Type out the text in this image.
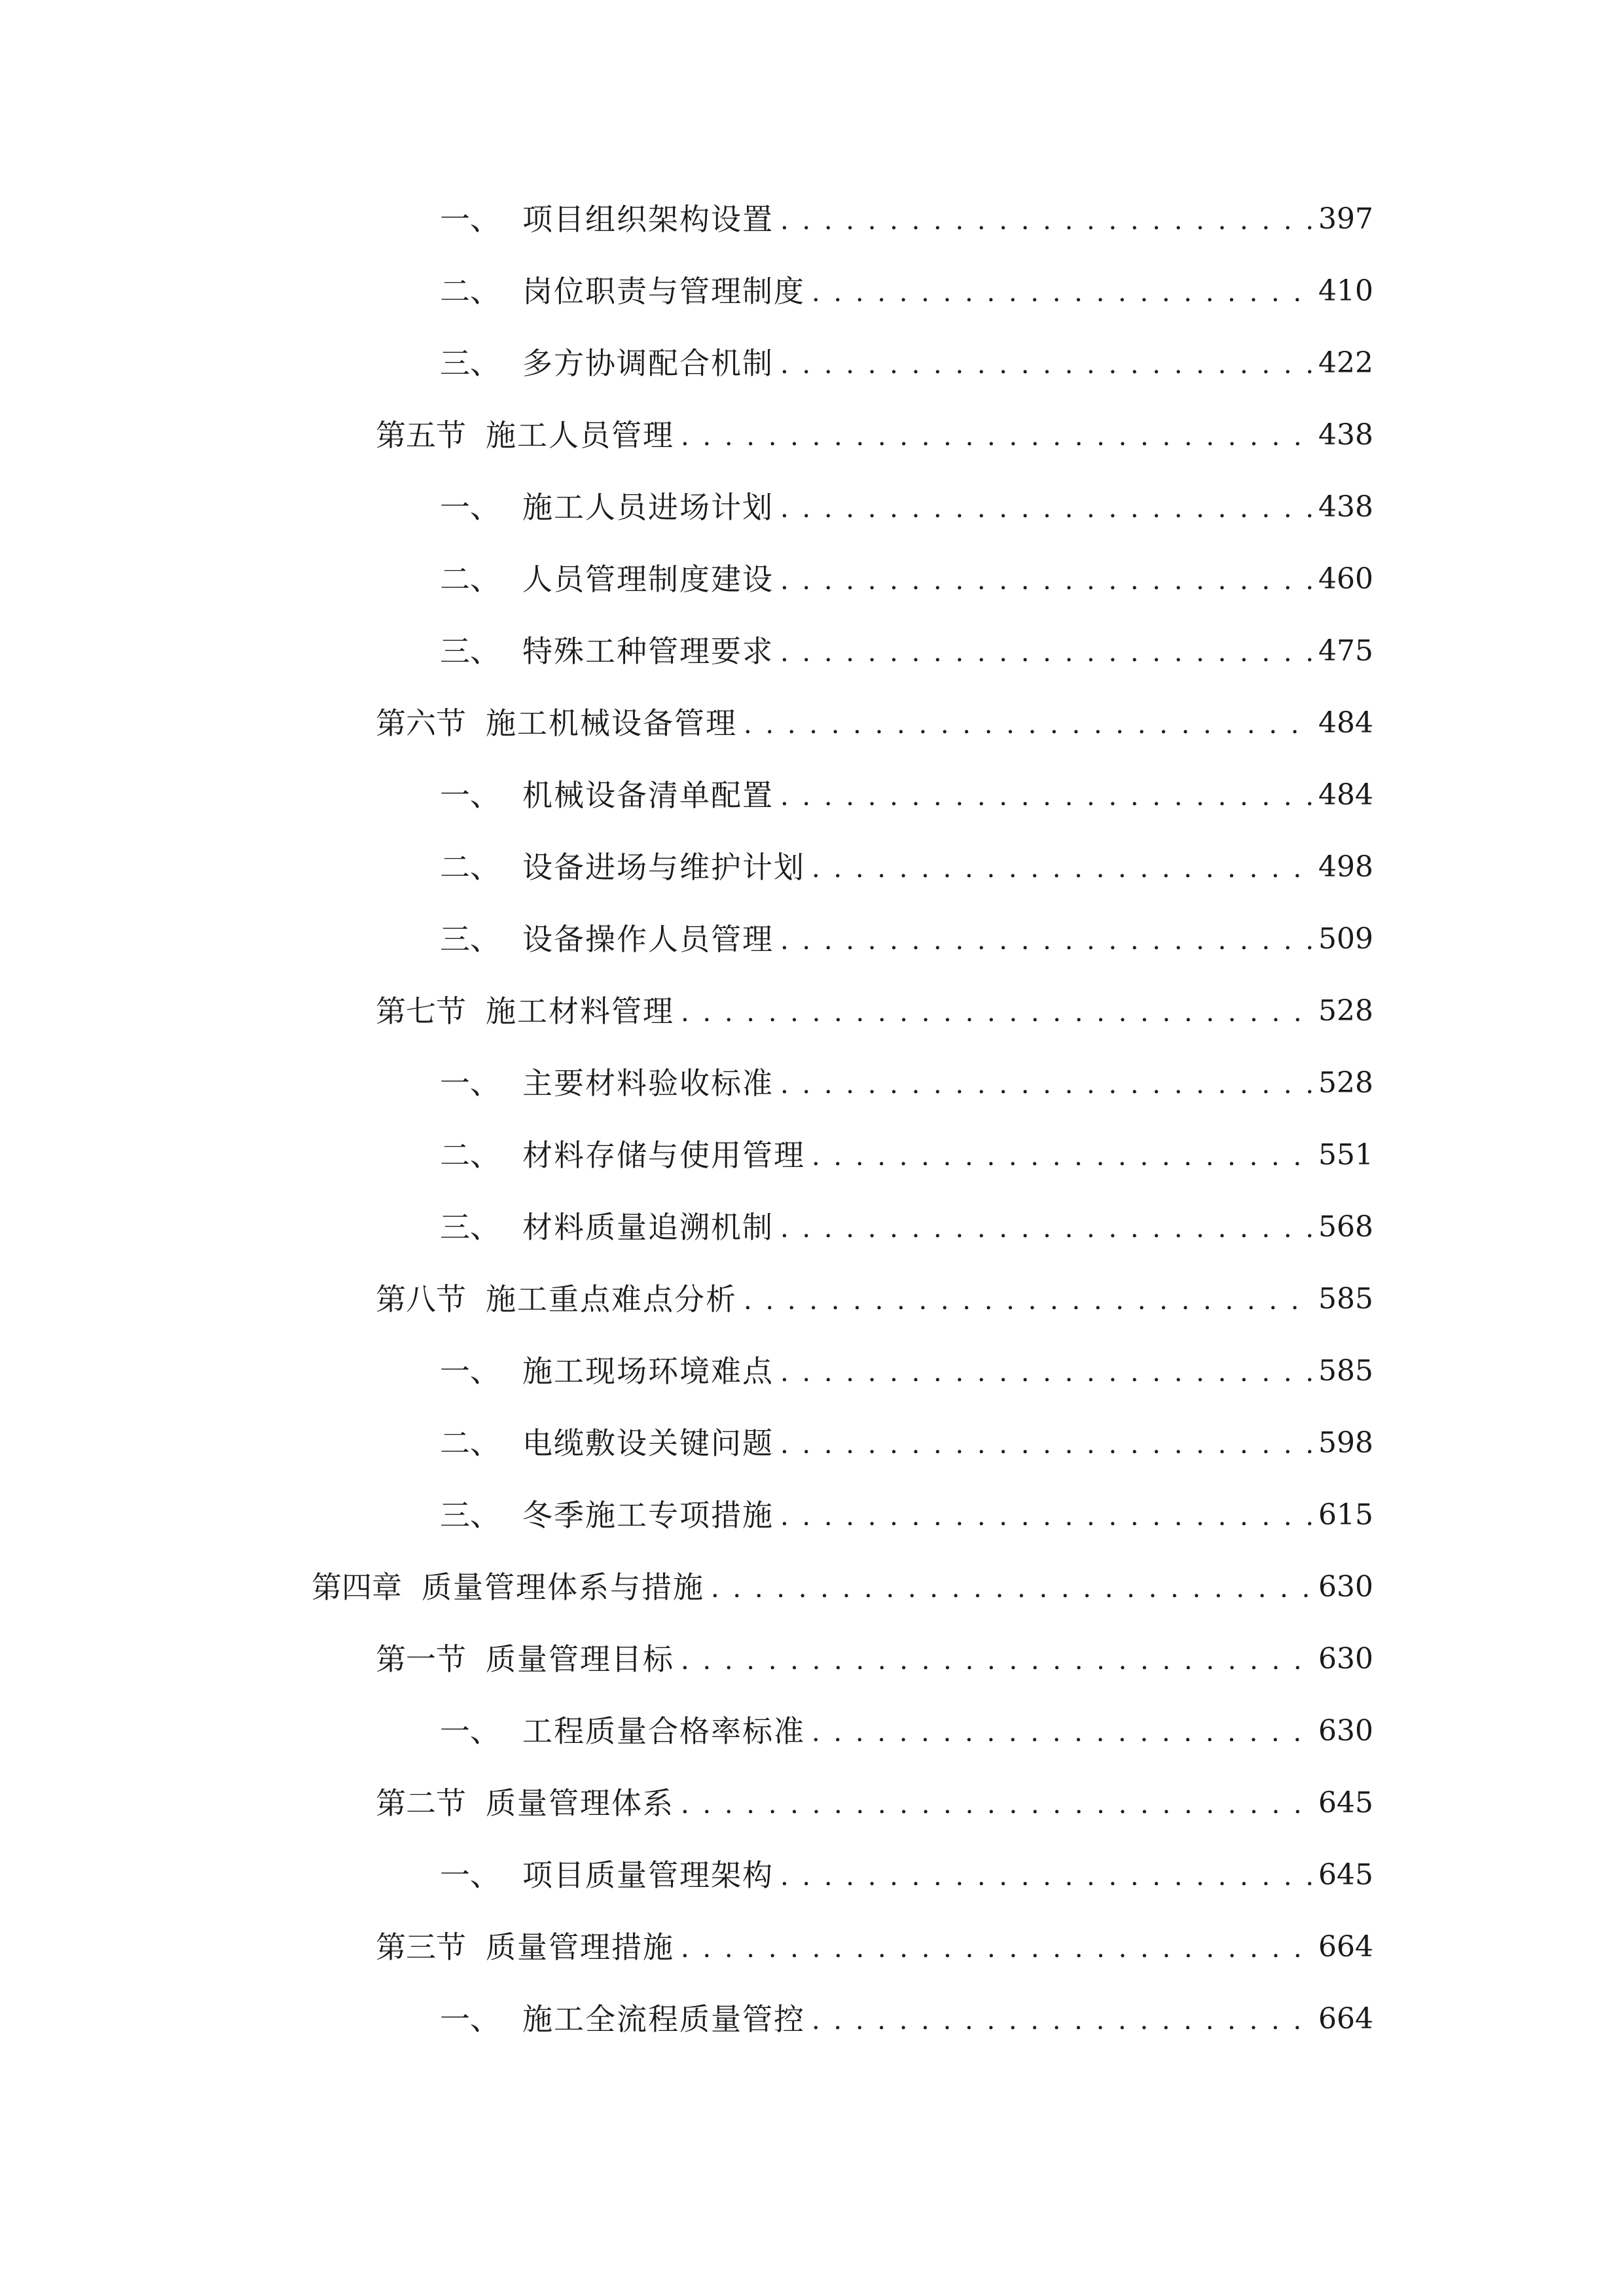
一、 项目组织架构设置 . . .	397
二、 岗位职责与管理制度 . . .	410
三、 多方协调配合机制 . . .	422
第五节 施工人员管理 . . .	438
一、 施工人员进场计划 . . .	438
二、 人员管理制度建设 . . .	460
三、 特殊工种管理要求 . . .	475
第六节 施工机械设备管理 . . .	484
一、 机械设备清单配置 . . .	484
二、 设备进场与维护计划 . . .	498
三、 设备操作人员管理 . . .	509
第七节 施工材料管理 . . .	528
一、 主要材料验收标准 . . .	528
二、 材料存储与使用管理 . . .	551
三、 材料质量追溯机制 . . .	568
第八节 施工重点难点分析 . . .	585
一、 施工现场环境难点 . . .	585
二、 电缆敷设关键问题 . . .	598
三、 冬季施工专项措施 . . .	615
第四章 质量管理体系与措施 . . .	630
第一节 质量管理目标 . . .	630
一、 工程质量合格率标准 . . .	630
第二节 质量管理体系 . . .	645
一、 项目质量管理架构 . . .	645
第三节 质量管理措施 . . .	664
一、 施工全流程质量管控 . . .	664
